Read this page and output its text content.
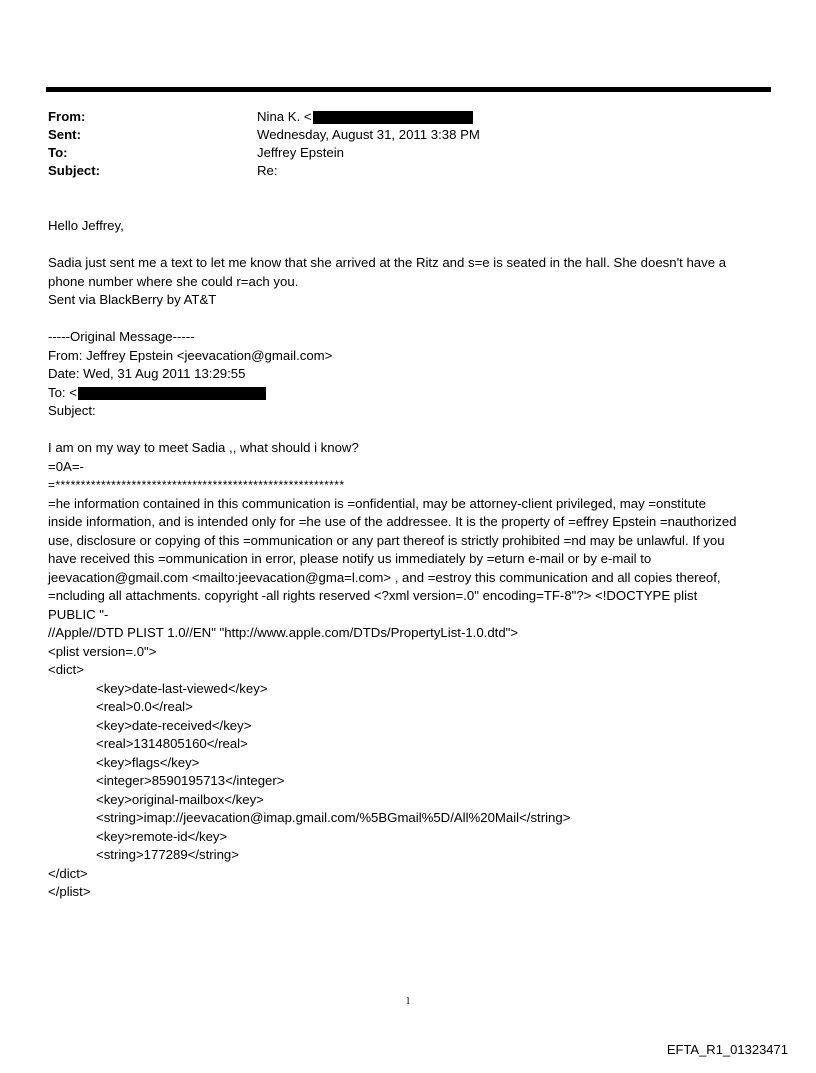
From:	Nina K. <
Sent:	Wednesday, August 31, 2011 3:38 PM
To:	Jeffrey Epstein
Subject:	Re:

Hello Jeffrey,

Sadia just sent me a text to let me know that she arrived at the Ritz and s=e is seated in the hall. She doesn't have a

phone number where she could r=ach you.

Sent via BlackBerry by AT&T

-----Original Message-----

From: Jeffrey Epstein <jeevacation@gmail.com>

Date: Wed, 31 Aug 2011 13:29:55

To: <

Subject:

I am on my way to meet Sadia ,, what should i know?

=0A=-

=*********************************************************

=he information contained in this communication is =onfidential, may be attorney-client privileged, may =onstitute

inside information, and is intended only for =he use of the addressee. It is the property of =effrey Epstein =nauthorized

use, disclosure or copying of this =ommunication or any part thereof is strictly prohibited =nd may be unlawful. If you

have received this =ommunication in error, please notify us immediately by =eturn e-mail or by e-mail to

jeevacation@gmail.com <mailto:jeevacation@gma=l.com> , and =estroy this communication and all copies thereof,

=ncluding all attachments. copyright -all rights reserved <?xml version=.0" encoding=TF-8"?> <!DOCTYPE plist PUBLIC "-

//Apple//DTD PLIST 1.0//EN" "http://www.apple.com/DTDs/PropertyList-1.0.dtd">

<plist version=.0">

<dict>

<key>date-last-viewed</key>

<real>0.0</real>

<key>date-received</key>

<real>1314805160</real>

<key>flags</key>

<integer>8590195713</integer>

<key>original-mailbox</key>

<string>imap://jeevacation@imap.gmail.com/%5BGmail%5D/All%20Mail</string>

<key>remote-id</key>

<string>177289</string>

</dict>

</plist>

1
EFTA_R1_01323471
